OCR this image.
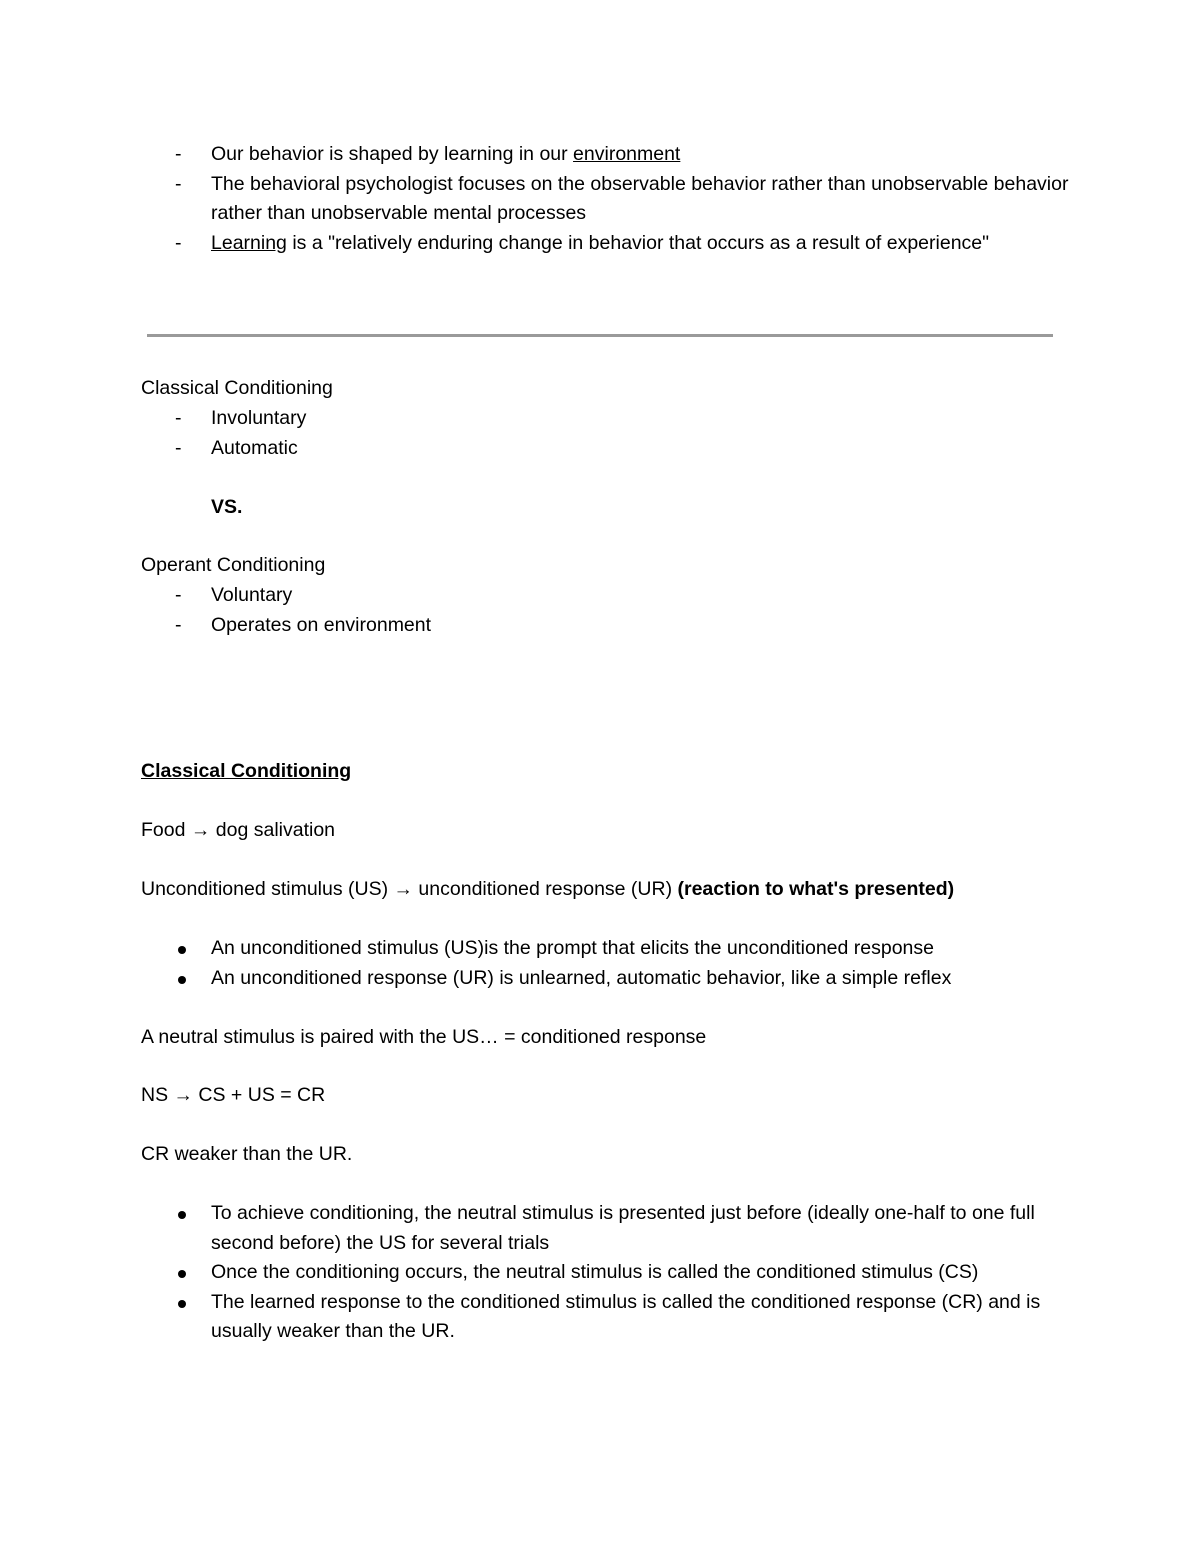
- Our behavior is shaped by learning in our environment
- The behavioral psychologist focuses on the observable behavior rather than unobservable behavior rather than unobservable mental processes
- Learning is a "relatively enduring change in behavior that occurs as a result of experience"
Classical Conditioning
- Involuntary
- Automatic
VS.
Operant Conditioning
- Voluntary
- Operates on environment
Classical Conditioning
Food → dog salivation
Unconditioned stimulus (US) → unconditioned response (UR) (reaction to what's presented)
An unconditioned stimulus (US)is the prompt that elicits the unconditioned response
An unconditioned response (UR) is unlearned, automatic behavior, like a simple reflex
A neutral stimulus is paired with the US… = conditioned response
NS → CS + US = CR
CR weaker than the UR.
To achieve conditioning, the neutral stimulus is presented just before (ideally one-half to one full second before) the US for several trials
Once the conditioning occurs, the neutral stimulus is called the conditioned stimulus (CS)
The learned response to the conditioned stimulus is called the conditioned response (CR) and is usually weaker than the UR.
